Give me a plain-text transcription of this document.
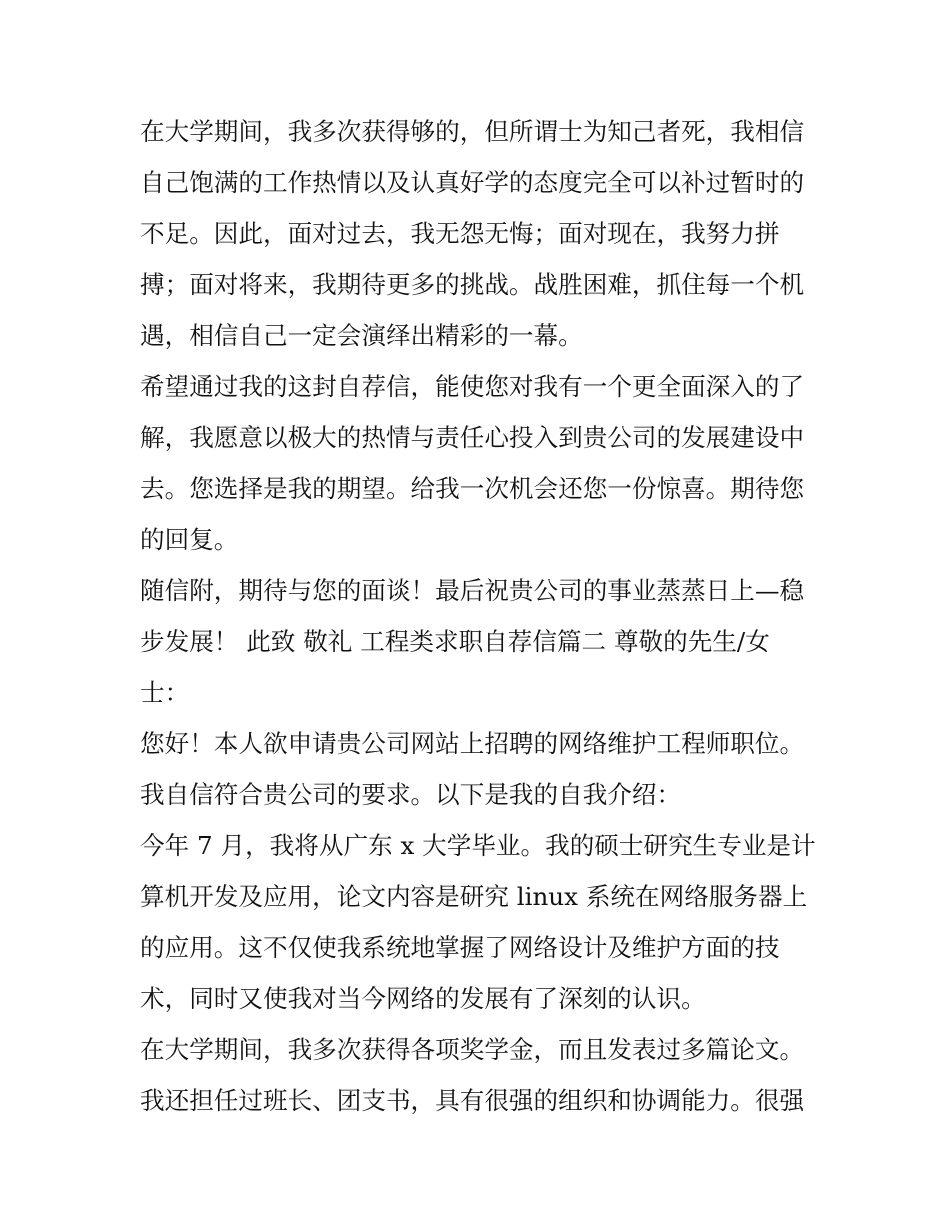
在大学期间，我多次获得够的，但所谓士为知己者死，我相信
自己饱满的工作热情以及认真好学的态度完全可以补过暂时的
不足。因此，面对过去，我无怨无悔；面对现在，我努力拼
搏；面对将来，我期待更多的挑战。战胜困难，抓住每一个机
遇，相信自己一定会演绎出精彩的一幕。
希望通过我的这封自荐信，能使您对我有一个更全面深入的了
解，我愿意以极大的热情与责任心投入到贵公司的发展建设中
去。您选择是我的期望。给我一次机会还您一份惊喜。期待您
的回复。
随信附，期待与您的面谈！最后祝贵公司的事业蒸蒸日上—稳
步发展！ 此致 敬礼 工程类求职自荐信篇二 尊敬的先生/女
士：
您好！本人欲申请贵公司网站上招聘的网络维护工程师职位。
我自信符合贵公司的要求。以下是我的自我介绍：
今年 7 月，我将从广东 x 大学毕业。我的硕士研究生专业是计
算机开发及应用，论文内容是研究 linux 系统在网络服务器上
的应用。这不仅使我系统地掌握了网络设计及维护方面的技
术，同时又使我对当今网络的发展有了深刻的认识。
在大学期间，我多次获得各项奖学金，而且发表过多篇论文。
我还担任过班长、团支书，具有很强的组织和协调能力。很强
